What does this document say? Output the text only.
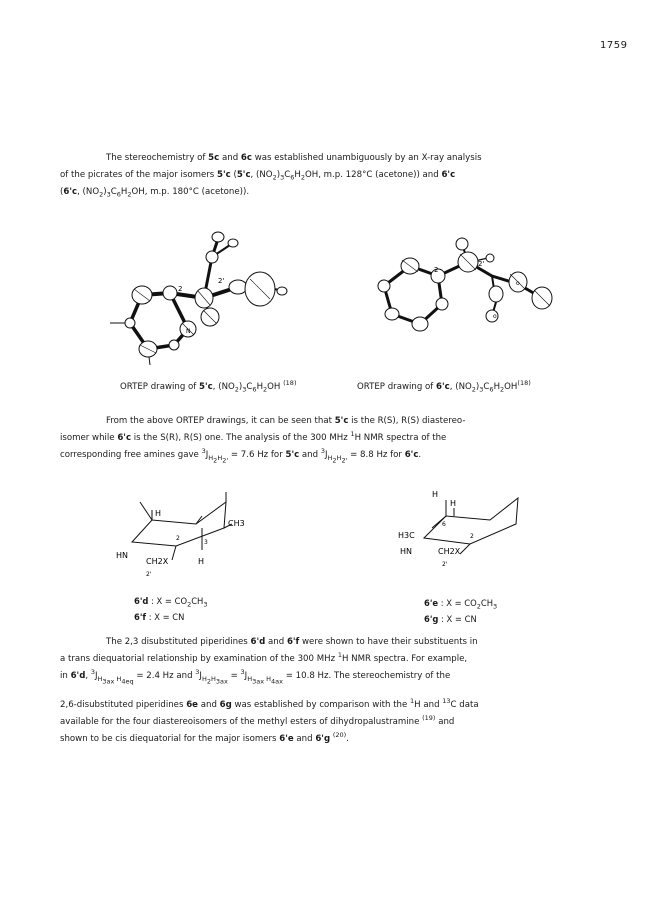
1759
The stereochemistry of 5c and 6c was established unambiguously by an X-ray analysis
of the picrates of the major isomers 5'c (5'c, $(NO_2)_3C_6H_2OH$, m.p. 128°C (acetone)) and 6'c
(6'c, $(NO_2)_3C_6H_2OH$, m.p. 180°C (acetone)).
2
2'
N
2
2'
o
o
ORTEP drawing of 5'c, $(NO_2)_3C_6H_2OH$ $^{(18)}$	ORTEP drawing of 6'c, $(NO_2)_3C_6H_2OH^{(18)}$
From the above ORTEP drawings, it can be seen that 5'c is the R(S), R(S) diastereo-
isomer while 6'c is the S(R), R(S) one. The analysis of the 300 MHz $^1$H NMR spectra of the
corresponding free amines gave $^3J_{H_2H_{2'}} = 7.6$ Hz for 5'c and $^3J_{H_2H_{2'}} = 8.8$ Hz for 6'c.
H
CH3
2
3
HN
CH2X
2'
H
H
H
H3C
6
2
HN	CH2X
2'
6'd : $X = CO_2CH_3$
6'f : X = CN
6'e : $X = CO_2CH_3$
6'g : X = CN
The 2,3 disubstituted piperidines 6'd and 6'f were shown to have their substituents in
a trans diequatorial relationship by examination of the 300 MHz $^1$H NMR spectra. For example,
in 6'd, $^3J_{H_{3ax} H_{4eq}} = 2.4$ Hz and $^3J_{H_2H_{3ax}} = ^3J_{H_{3ax} H_{4ax}} = 10.8$ Hz. The stereochemistry of the
2,6-disubstituted piperidines 6e and 6g was established by comparison with the $^1$H and $^{13}$C data
available for the four diastereoisomers of the methyl esters of dihydropalustramine $^{(19)}$ and
shown to be cis diequatorial for the major isomers 6'e and 6'g $^{(20)}$.
